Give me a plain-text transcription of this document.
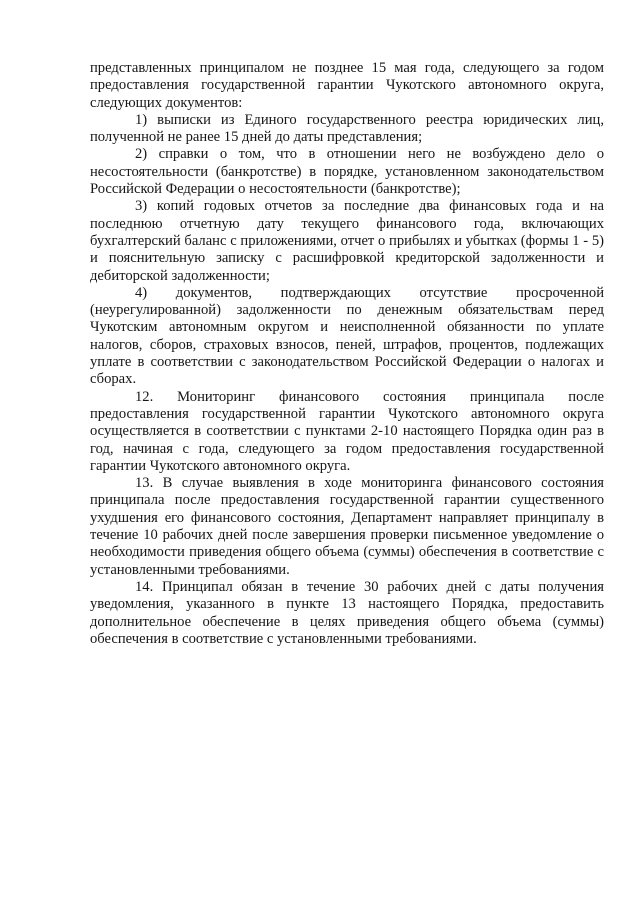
представленных принципалом не позднее 15 мая года, следующего за годом предоставления государственной гарантии Чукотского автономного округа, следующих документов:

1) выписки из Единого государственного реестра юридических лиц, полученной не ранее 15 дней до даты представления;

2) справки о том, что в отношении него не возбуждено дело о несостоятельности (банкротстве) в порядке, установленном законодательством Российской Федерации о несостоятельности (банкротстве);

3) копий годовых отчетов за последние два финансовых года и на последнюю отчетную дату текущего финансового года, включающих бухгалтерский баланс с приложениями, отчет о прибылях и убытках (формы 1 - 5) и пояснительную записку с расшифровкой кредиторской задолженности и дебиторской задолженности;

4) документов, подтверждающих отсутствие просроченной (неурегулированной) задолженности по денежным обязательствам перед Чукотским автономным округом и неисполненной обязанности по уплате налогов, сборов, страховых взносов, пеней, штрафов, процентов, подлежащих уплате в соответствии с законодательством Российской Федерации о налогах и сборах.

12. Мониторинг финансового состояния принципала после предоставления государственной гарантии Чукотского автономного округа осуществляется в соответствии с пунктами 2-10 настоящего Порядка один раз в год, начиная с года, следующего за годом предоставления государственной гарантии Чукотского автономного округа.

13. В случае выявления в ходе мониторинга финансового состояния принципала после предоставления государственной гарантии существенного ухудшения его финансового состояния, Департамент направляет принципалу в течение 10 рабочих дней после завершения проверки письменное уведомление о необходимости приведения общего объема (суммы) обеспечения в соответствие с установленными требованиями.

14. Принципал обязан в течение 30 рабочих дней с даты получения уведомления, указанного в пункте 13 настоящего Порядка, предоставить дополнительное обеспечение в целях приведения общего объема (суммы) обеспечения в соответствие с установленными требованиями.
